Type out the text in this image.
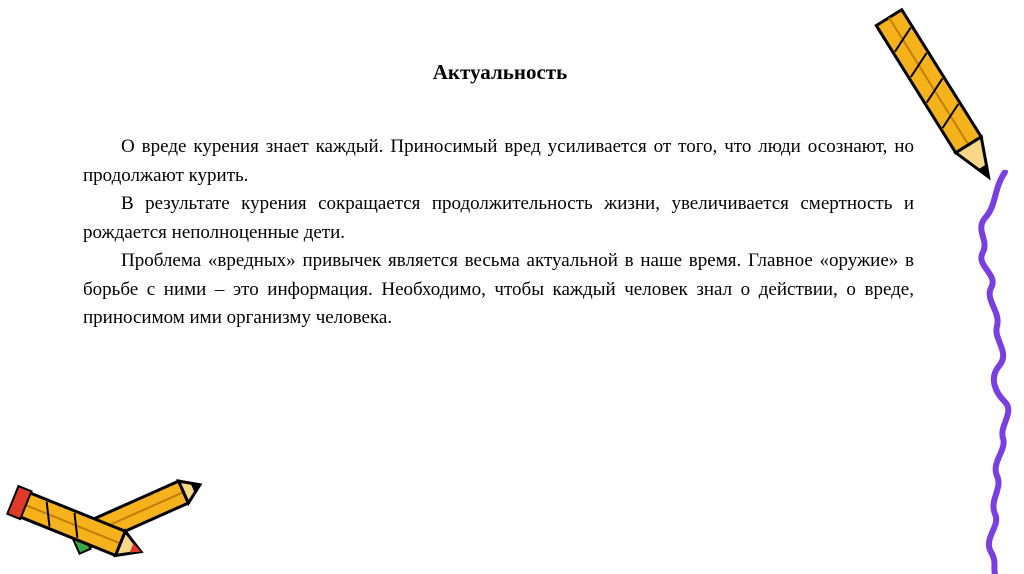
Актуальность

О вреде курения знает каждый. Приносимый вред усиливается от того, что люди осознают, но продолжают курить.

В результате курения сокращается продолжительность жизни, увеличивается смертность и рождается неполноценные дети.

Проблема «вредных» привычек является весьма актуальной в наше время. Главное «оружие» в борьбе с ними – это информация. Необходимо, чтобы каждый человек знал о действии, о вреде, приносимом ими организму человека.
